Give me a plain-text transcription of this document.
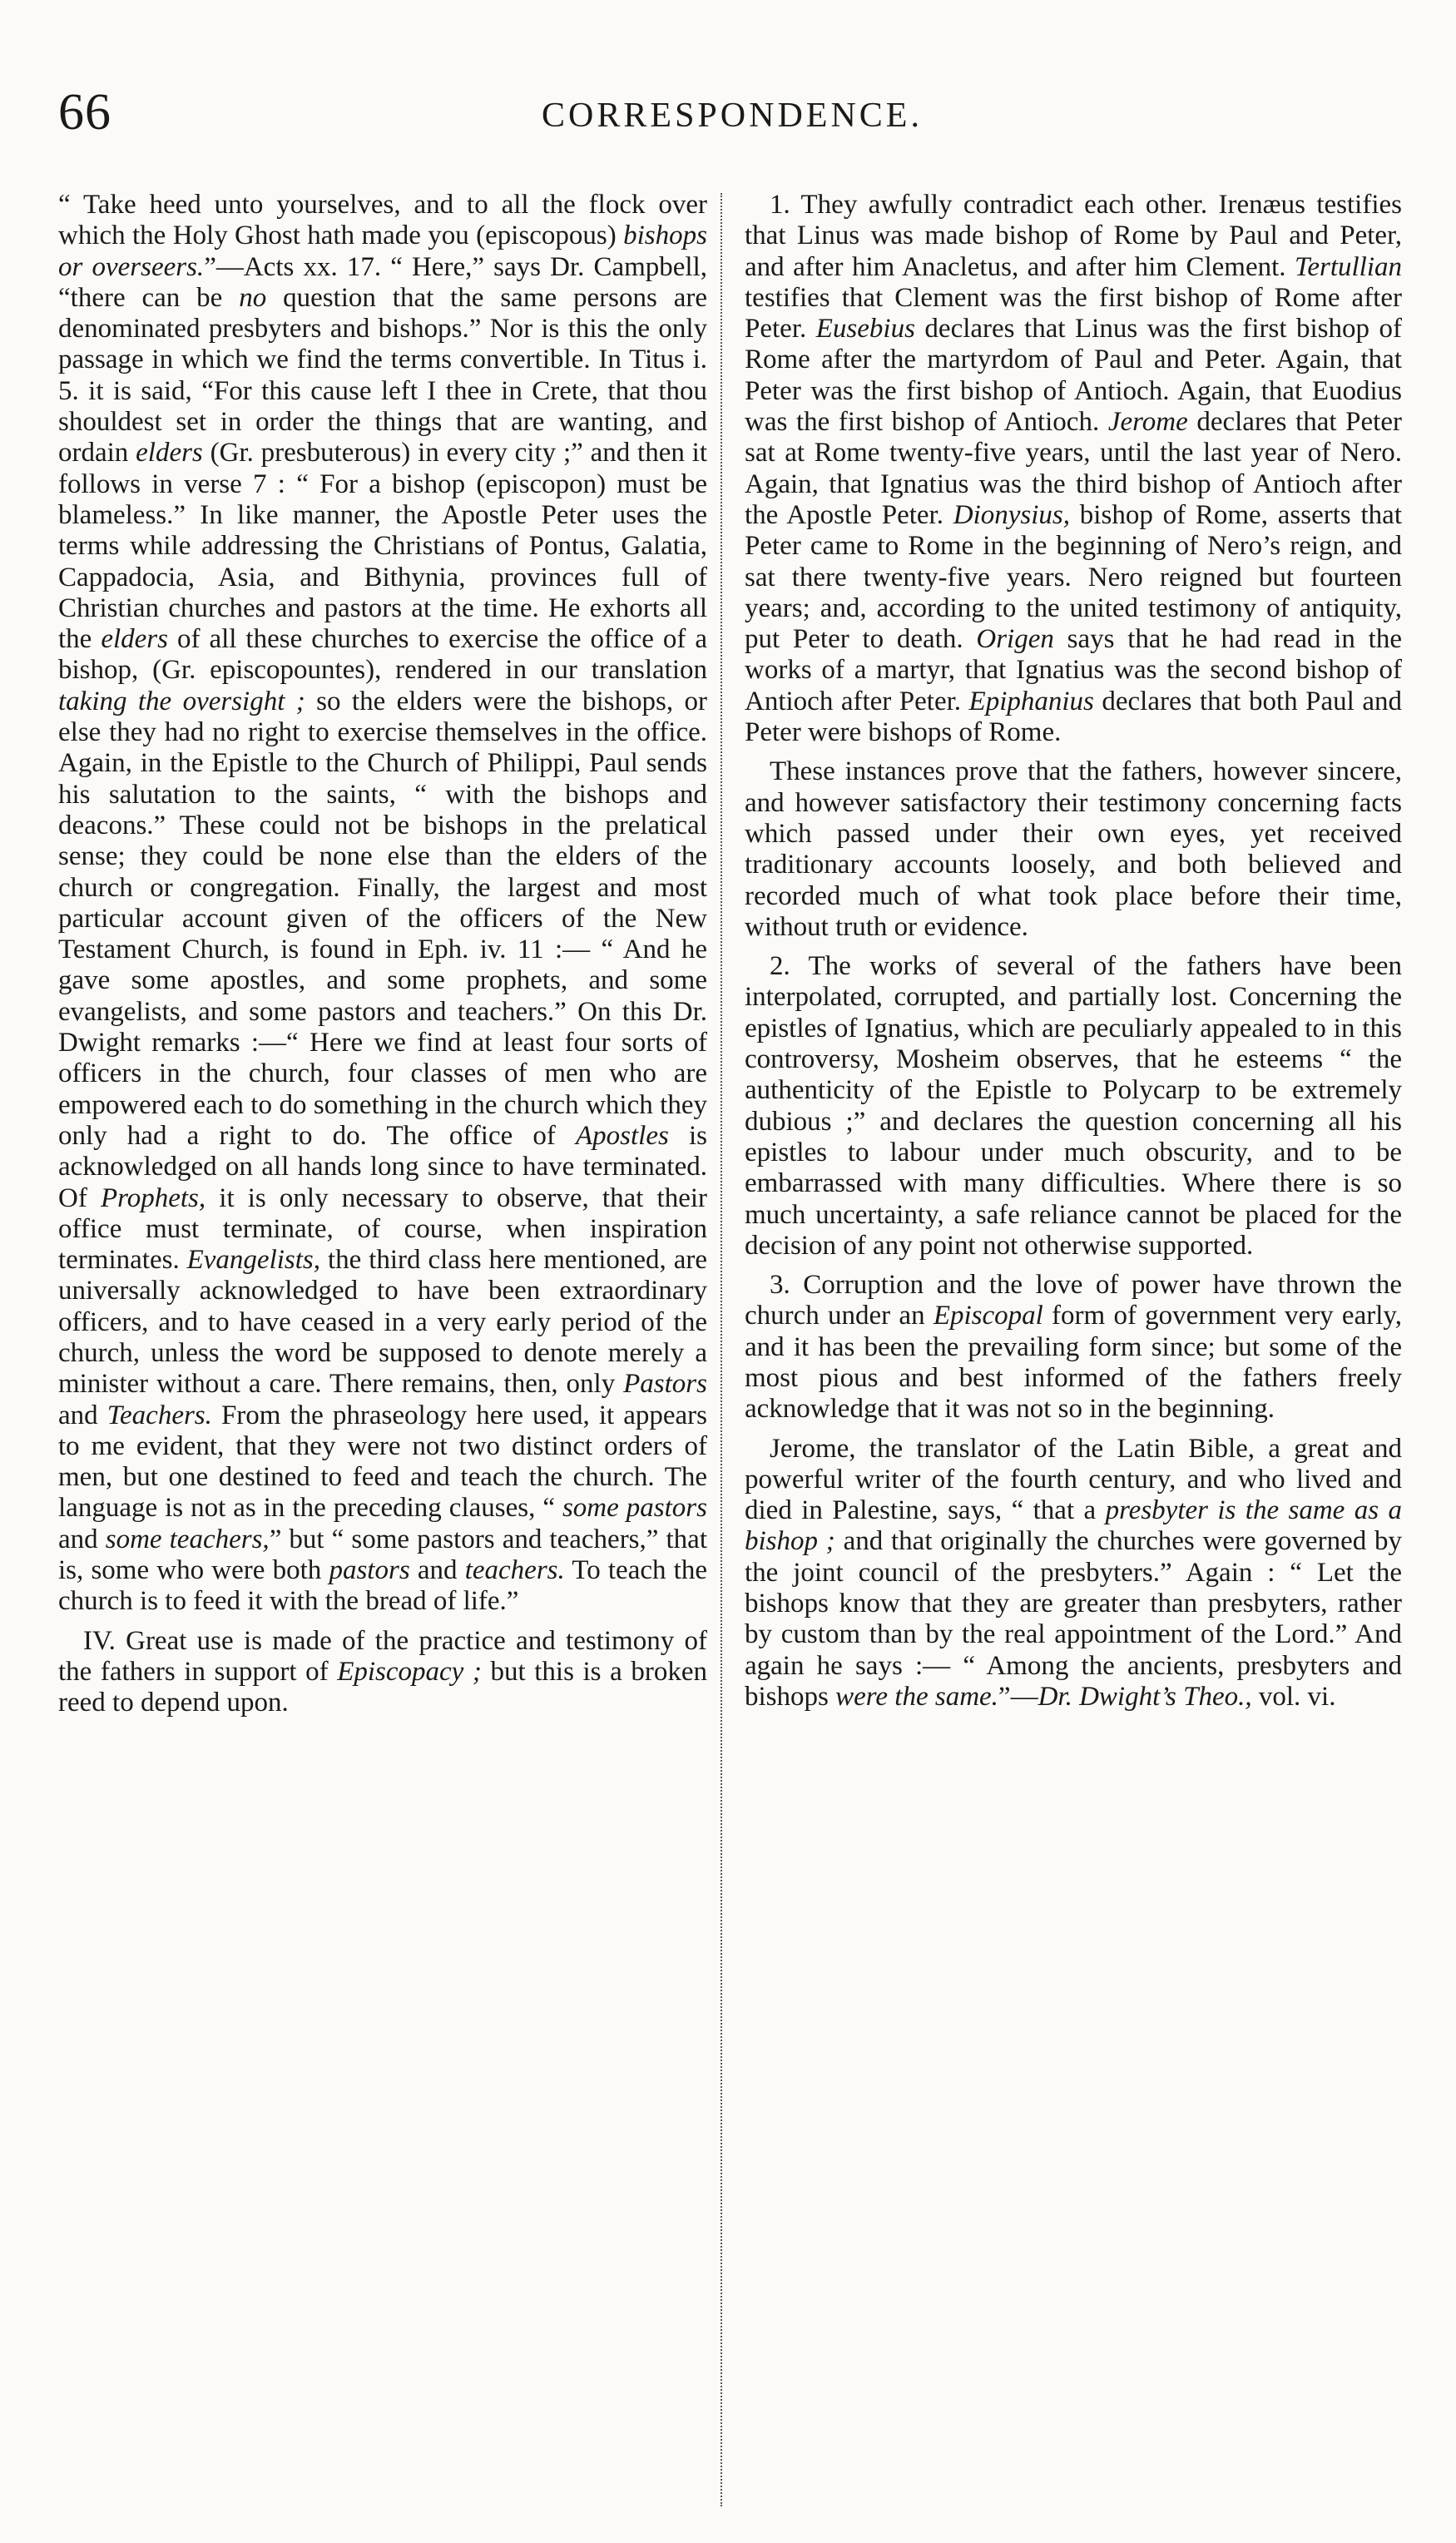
66	CORRESPONDENCE.

“ Take heed unto yourselves, and to all the flock over which the Holy Ghost hath made you (episcopous) bishops or overseers.”—Acts xx. 17. “ Here,” says Dr. Campbell, “there can be no question that the same persons are denominated presbyters and bishops.” Nor is this the only passage in which we find the terms convertible. In Titus i. 5. it is said, “For this cause left I thee in Crete, that thou shouldest set in order the things that are wanting, and ordain elders (Gr. presbuterous) in every city ;” and then it follows in verse 7 : “ For a bishop (episcopon) must be blameless.” In like manner, the Apostle Peter uses the terms while addressing the Christians of Pontus, Galatia, Cappadocia, Asia, and Bithynia, provinces full of Christian churches and pastors at the time. He exhorts all the elders of all these churches to exercise the office of a bishop, (Gr. episcopountes), rendered in our translation taking the oversight ; so the elders were the bishops, or else they had no right to exercise themselves in the office. Again, in the Epistle to the Church of Philippi, Paul sends his salutation to the saints, “ with the bishops and deacons.” These could not be bishops in the prelatical sense; they could be none else than the elders of the church or congregation. Finally, the largest and most particular account given of the officers of the New Testament Church, is found in Eph. iv. 11 :— “ And he gave some apostles, and some prophets, and some evangelists, and some pastors and teachers.” On this Dr. Dwight remarks :—“ Here we find at least four sorts of officers in the church, four classes of men who are empowered each to do something in the church which they only had a right to do. The office of Apostles is acknowledged on all hands long since to have terminated. Of Prophets, it is only necessary to observe, that their office must terminate, of course, when inspiration terminates. Evangelists, the third class here mentioned, are universally acknowledged to have been extraordinary officers, and to have ceased in a very early period of the church, unless the word be supposed to denote merely a minister without a care. There remains, then, only Pastors and Teachers. From the phraseology here used, it appears to me evident, that they were not two distinct orders of men, but one destined to feed and teach the church. The language is not as in the preceding clauses, “ some pastors and some teachers,” but “ some pastors and teachers,” that is, some who were both pastors and teachers. To teach the church is to feed it with the bread of life.”

IV. Great use is made of the practice and testimony of the fathers in support of Episcopacy ; but this is a broken reed to depend upon.

1. They awfully contradict each other. Irenæus testifies that Linus was made bishop of Rome by Paul and Peter, and after him Anacletus, and after him Clement. Tertullian testifies that Clement was the first bishop of Rome after Peter. Eusebius declares that Linus was the first bishop of Rome after the martyrdom of Paul and Peter. Again, that Peter was the first bishop of Antioch. Again, that Euodius was the first bishop of Antioch. Jerome declares that Peter sat at Rome twenty-five years, until the last year of Nero. Again, that Ignatius was the third bishop of Antioch after the Apostle Peter. Dionysius, bishop of Rome, asserts that Peter came to Rome in the beginning of Nero’s reign, and sat there twenty-five years. Nero reigned but fourteen years; and, according to the united testimony of antiquity, put Peter to death. Origen says that he had read in the works of a martyr, that Ignatius was the second bishop of Antioch after Peter. Epiphanius declares that both Paul and Peter were bishops of Rome.

These instances prove that the fathers, however sincere, and however satisfactory their testimony concerning facts which passed under their own eyes, yet received traditionary accounts loosely, and both believed and recorded much of what took place before their time, without truth or evidence.

2. The works of several of the fathers have been interpolated, corrupted, and partially lost. Concerning the epistles of Ignatius, which are peculiarly appealed to in this controversy, Mosheim observes, that he esteems “ the authenticity of the Epistle to Polycarp to be extremely dubious ;” and declares the question concerning all his epistles to labour under much obscurity, and to be embarrassed with many difficulties. Where there is so much uncertainty, a safe reliance cannot be placed for the decision of any point not otherwise supported.

3. Corruption and the love of power have thrown the church under an Episcopal form of government very early, and it has been the prevailing form since; but some of the most pious and best informed of the fathers freely acknowledge that it was not so in the beginning.

Jerome, the translator of the Latin Bible, a great and powerful writer of the fourth century, and who lived and died in Palestine, says, “ that a presbyter is the same as a bishop ; and that originally the churches were governed by the joint council of the presbyters.” Again : “ Let the bishops know that they are greater than presbyters, rather by custom than by the real appointment of the Lord.” And again he says :— “ Among the ancients, presbyters and bishops were the same.”—Dr. Dwight’s Theo., vol. vi.
